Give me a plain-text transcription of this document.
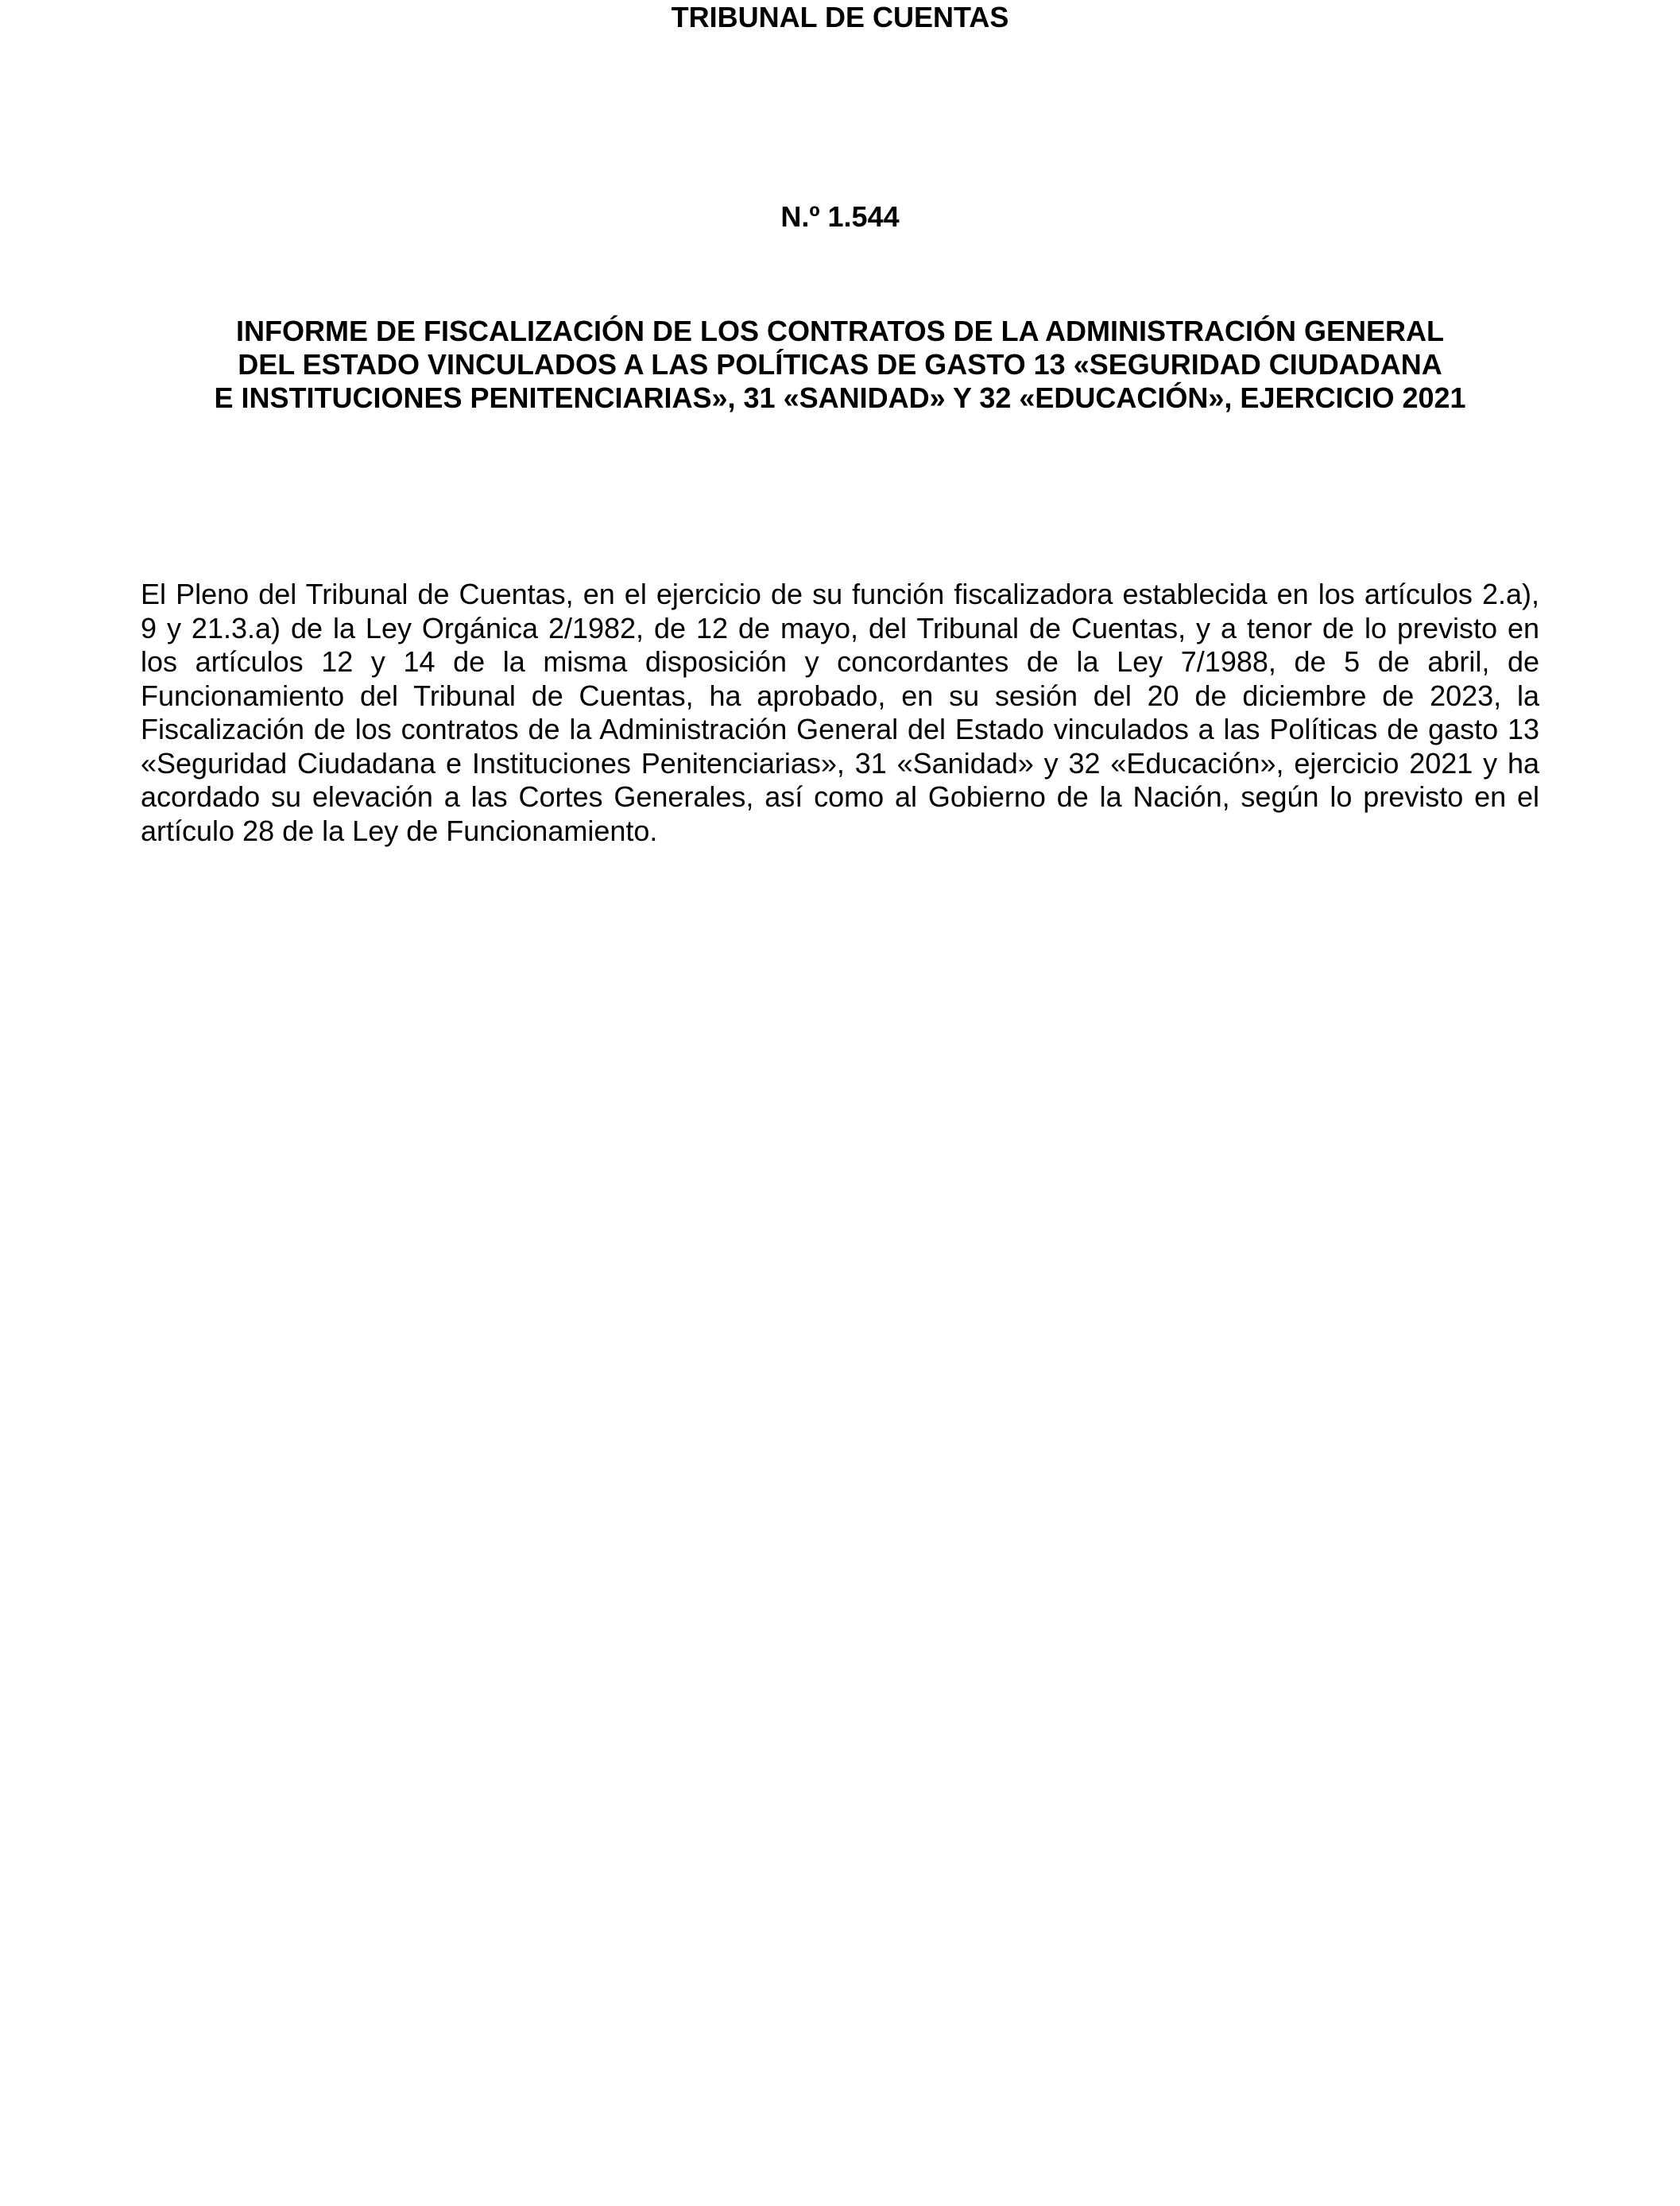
TRIBUNAL DE CUENTAS
N.º 1.544
INFORME DE FISCALIZACIÓN DE LOS CONTRATOS DE LA ADMINISTRACIÓN GENERAL
DEL ESTADO VINCULADOS A LAS POLÍTICAS DE GASTO 13 «SEGURIDAD CIUDADANA
E INSTITUCIONES PENITENCIARIAS», 31 «SANIDAD» Y 32 «EDUCACIÓN», EJERCICIO 2021
El Pleno del Tribunal de Cuentas, en el ejercicio de su función fiscalizadora establecida en los artículos 2.a),
9 y 21.3.a) de la Ley Orgánica 2/1982, de 12 de mayo, del Tribunal de Cuentas, y a tenor de lo previsto en
los artículos 12 y 14 de la misma disposición y concordantes de la Ley 7/1988, de 5 de abril, de
Funcionamiento del Tribunal de Cuentas, ha aprobado, en su sesión del 20 de diciembre de 2023, la
Fiscalización de los contratos de la Administración General del Estado vinculados a las Políticas de gasto 13
«Seguridad Ciudadana e Instituciones Penitenciarias», 31 «Sanidad» y 32 «Educación», ejercicio 2021 y ha
acordado su elevación a las Cortes Generales, así como al Gobierno de la Nación, según lo previsto en el
artículo 28 de la Ley de Funcionamiento.
